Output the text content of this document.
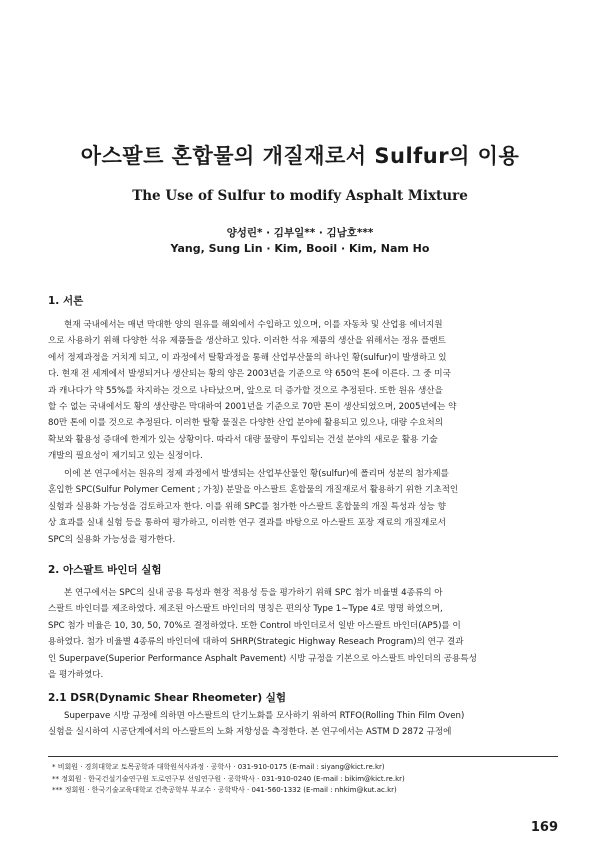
아스팔트 혼합물의 개질재로서 Sulfur의 이용
The Use of Sulfur to modify Asphalt Mixture
양성린* · 김부일** · 김남호***
Yang, Sung Lin · Kim, Booil · Kim, Nam Ho
1. 서론

현재 국내에서는 매년 막대한 양의 원유를 해외에서 수입하고 있으며, 이를 자동차 및 산업용 에너지원
으로 사용하기 위해 다양한 석유 제품들을 생산하고 있다. 이러한 석유 제품의 생산을 위해서는 정유 플랜트
에서 정제과정을 거치게 되고, 이 과정에서 탈황과정을 통해 산업부산물의 하나인 황(sulfur)이 발생하고 있
다. 현재 전 세계에서 발생되거나 생산되는 황의 양은 2003년을 기준으로 약 650억 톤에 이른다. 그 중 미국
과 캐나다가 약 55%를 차지하는 것으로 나타났으며, 앞으로 더 증가할 것으로 추정된다. 또한 원유 생산을
할 수 없는 국내에서도 황의 생산량은 막대하여 2001년을 기준으로 70만 톤이 생산되었으며, 2005년에는 약
80만 톤에 이를 것으로 추정된다. 이러한 탈황 물질은 다양한 산업 분야에 활용되고 있으나, 대량 수요처의
확보와 활용성 증대에 한계가 있는 상황이다. 따라서 대량 물량이 투입되는 건설 분야의 새로운 활용 기술
개발의 필요성이 제기되고 있는 실정이다.

이에 본 연구에서는 원유의 정제 과정에서 발생되는 산업부산물인 황(sulfur)에 폴리머 성분의 첨가제를
혼입한 SPC(Sulfur Polymer Cement ; 가칭) 분말을 아스팔트 혼합물의 개질재로서 활용하기 위한 기초적인
실험과 실용화 가능성을 검토하고자 한다. 이를 위해 SPC를 첨가한 아스팔트 혼합물의 개질 특성과 성능 향
상 효과를 실내 실험 등을 통하여 평가하고, 이러한 연구 결과를 바탕으로 아스팔트 포장 재료의 개질재로서
SPC의 실용화 가능성을 평가한다.

2. 아스팔트 바인더 실험

본 연구에서는 SPC의 실내 공용 특성과 현장 적용성 등을 평가하기 위해 SPC 첨가 비율별 4종류의 아
스팔트 바인더를 제조하였다. 제조된 아스팔트 바인더의 명칭은 편의상 Type 1∼Type 4로 명명 하였으며,
SPC 첨가 비율은 10, 30, 50, 70%로 결정하였다. 또한 Control 바인더로서 일반 아스팔트 바인더(AP5)를 이
용하였다. 첨가 비율별 4종류의 바인더에 대하여 SHRP(Strategic Highway Reseach Program)의 연구 결과
인 Superpave(Superior Performance Asphalt Pavement) 시방 규정을 기본으로 아스팔트 바인더의 공용특성
을 평가하였다.

2.1 DSR(Dynamic Shear Rheometer) 실험

Superpave 시방 규정에 의하면 아스팔트의 단기노화를 모사하기 위하여 RTFO(Rolling Thin Film Oven)
실험을 실시하여 시공단계에서의 아스팔트의 노화 저항성을 측정한다. 본 연구에서는 ASTM D 2872 규정에

* 비회원 · 경희대학교 토목공학과 대학원석사과정 · 공학사 · 031-910-0175 (E-mail : siyang@kict.re.kr)
** 정회원 · 한국건설기술연구원 도로연구부 선임연구원 · 공학박사 · 031-910-0240 (E-mail : bikim@kict.re.kr)
*** 정회원 · 한국기술교육대학교 건축공학부 부교수 · 공학박사 · 041-560-1332 (E-mail : nhkim@kut.ac.kr)
169
